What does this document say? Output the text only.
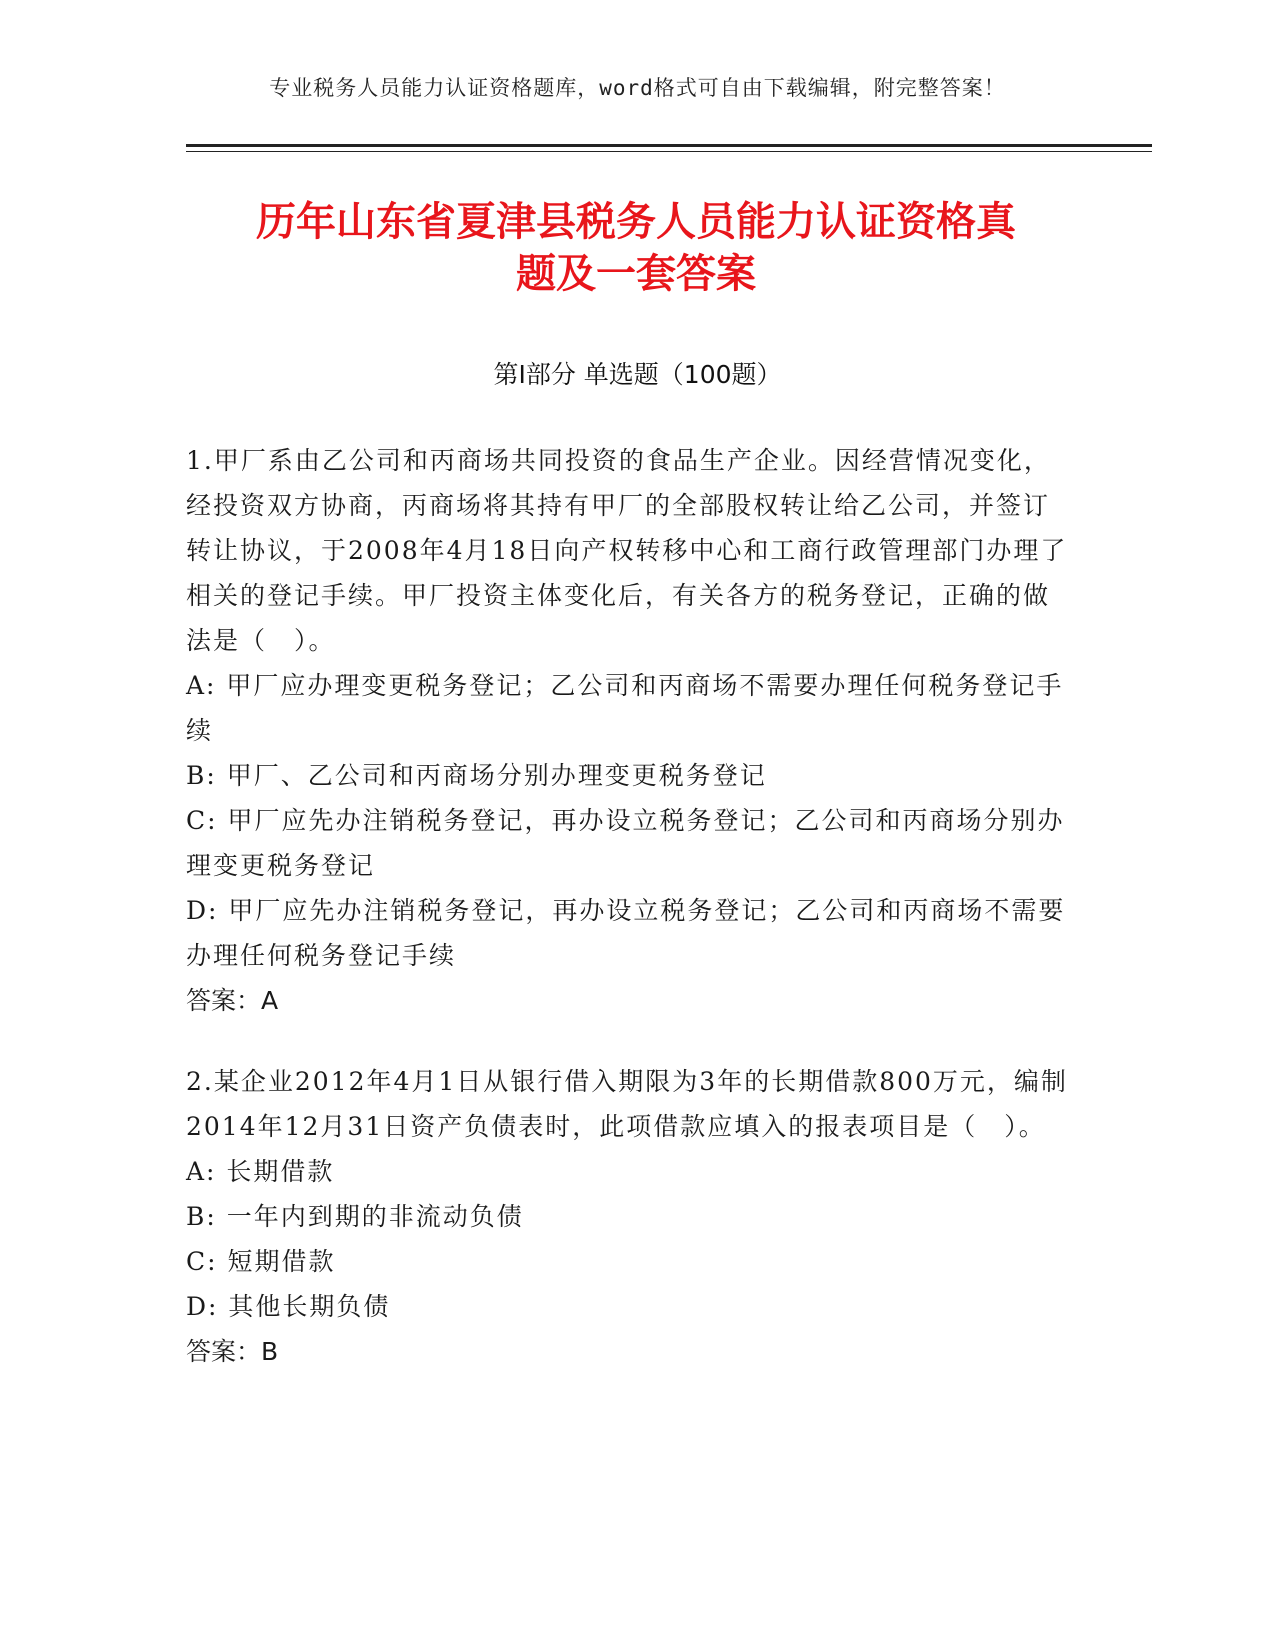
专业税务人员能力认证资格题库，word格式可自由下载编辑，附完整答案！
历年山东省夏津县税务人员能力认证资格真
题及一套答案
第Ⅰ部分 单选题（100题）

1.甲厂系由乙公司和丙商场共同投资的食品生产企业。因经营情况变化，经投资双方协商，丙商场将其持有甲厂的全部股权转让给乙公司，并签订转让协议，于2008年4月18日向产权转移中心和工商行政管理部门办理了相关的登记手续。甲厂投资主体变化后，有关各方的税务登记，正确的做法是（　）。

A: 甲厂应办理变更税务登记；乙公司和丙商场不需要办理任何税务登记手续

B: 甲厂、乙公司和丙商场分别办理变更税务登记

C: 甲厂应先办注销税务登记，再办设立税务登记；乙公司和丙商场分别办理变更税务登记

D: 甲厂应先办注销税务登记，再办设立税务登记；乙公司和丙商场不需要办理任何税务登记手续

答案：A

2.某企业2012年4月1日从银行借入期限为3年的长期借款800万元，编制2014年12月31日资产负债表时，此项借款应填入的报表项目是（　）。

A: 长期借款

B: 一年内到期的非流动负债

C: 短期借款

D: 其他长期负债

答案：B
